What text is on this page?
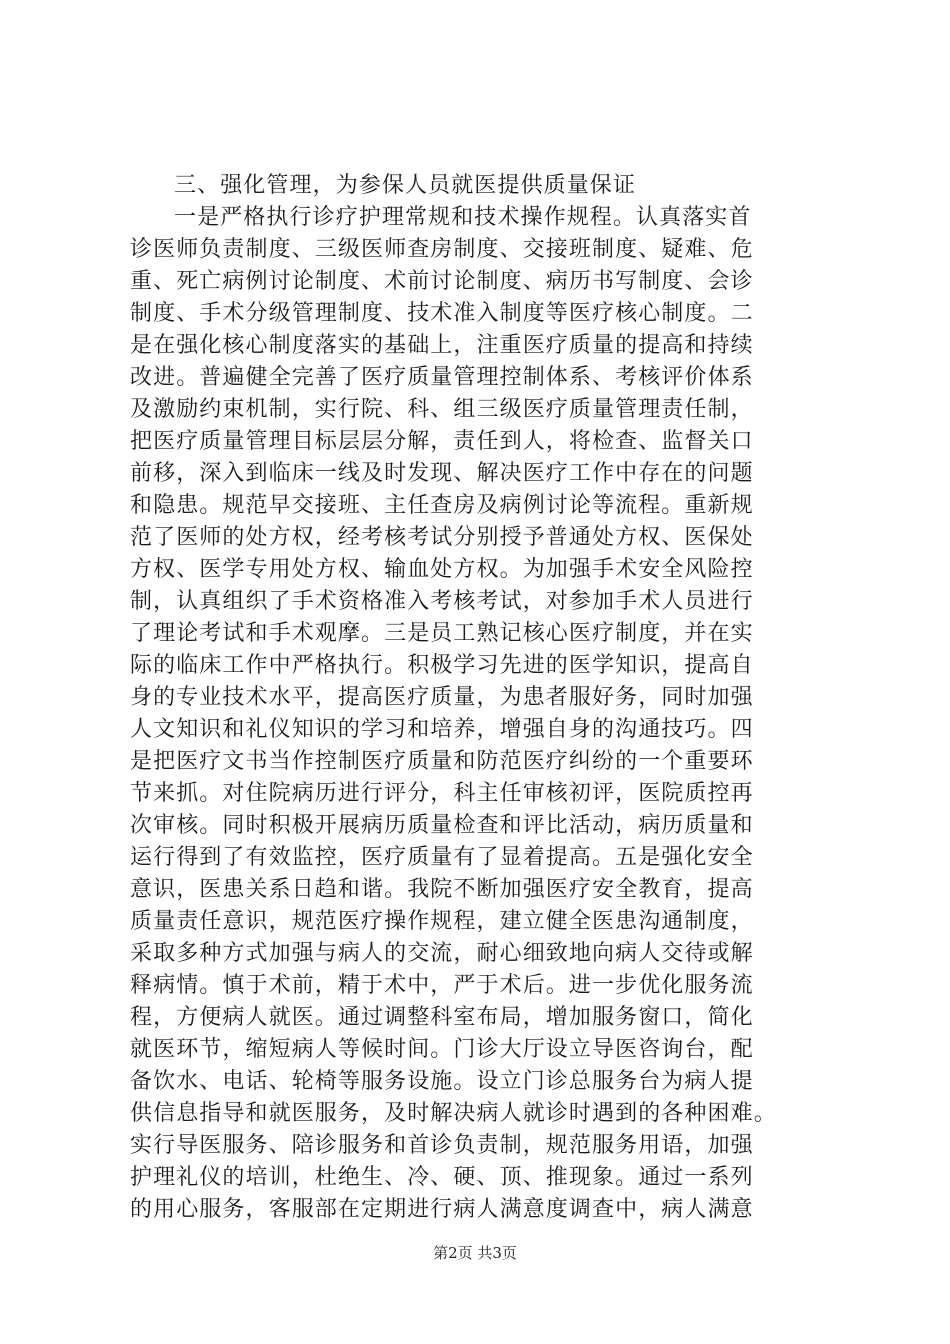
三、强化管理，为参保人员就医提供质量保证
一是严格执行诊疗护理常规和技术操作规程。认真落实首
诊医师负责制度、三级医师查房制度、交接班制度、疑难、危
重、死亡病例讨论制度、术前讨论制度、病历书写制度、会诊
制度、手术分级管理制度、技术准入制度等医疗核心制度。二
是在强化核心制度落实的基础上，注重医疗质量的提高和持续
改进。普遍健全完善了医疗质量管理控制体系、考核评价体系
及激励约束机制，实行院、科、组三级医疗质量管理责任制，
把医疗质量管理目标层层分解，责任到人，将检查、监督关口
前移，深入到临床一线及时发现、解决医疗工作中存在的问题
和隐患。规范早交接班、主任查房及病例讨论等流程。重新规
范了医师的处方权，经考核考试分别授予普通处方权、医保处
方权、医学专用处方权、输血处方权。为加强手术安全风险控
制，认真组织了手术资格准入考核考试，对参加手术人员进行
了理论考试和手术观摩。三是员工熟记核心医疗制度，并在实
际的临床工作中严格执行。积极学习先进的医学知识，提高自
身的专业技术水平，提高医疗质量，为患者服好务，同时加强
人文知识和礼仪知识的学习和培养，增强自身的沟通技巧。四
是把医疗文书当作控制医疗质量和防范医疗纠纷的一个重要环
节来抓。对住院病历进行评分，科主任审核初评，医院质控再
次审核。同时积极开展病历质量检查和评比活动，病历质量和
运行得到了有效监控，医疗质量有了显着提高。五是强化安全
意识，医患关系日趋和谐。我院不断加强医疗安全教育，提高
质量责任意识，规范医疗操作规程，建立健全医患沟通制度，
采取多种方式加强与病人的交流，耐心细致地向病人交待或解
释病情。慎于术前，精于术中，严于术后。进一步优化服务流
程，方便病人就医。通过调整科室布局，增加服务窗口，简化
就医环节，缩短病人等候时间。门诊大厅设立导医咨询台，配
备饮水、电话、轮椅等服务设施。设立门诊总服务台为病人提
供信息指导和就医服务，及时解决病人就诊时遇到的各种困难。
实行导医服务、陪诊服务和首诊负责制，规范服务用语，加强
护理礼仪的培训，杜绝生、冷、硬、顶、推现象。通过一系列
的用心服务，客服部在定期进行病人满意度调查中，病人满意
第2页 共3页
